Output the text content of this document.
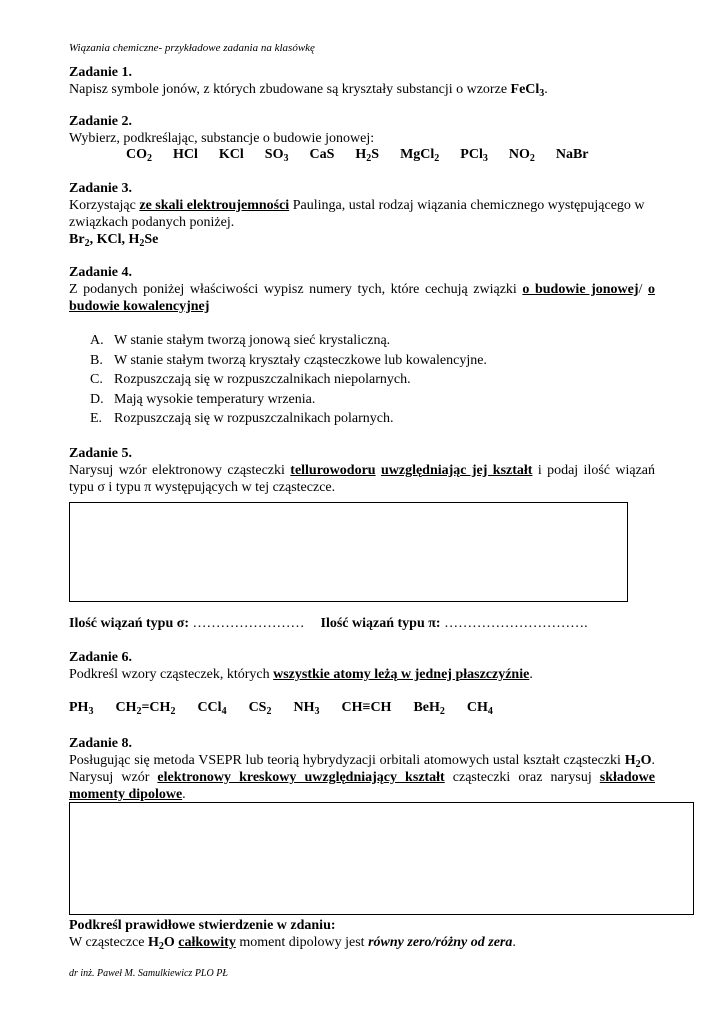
Wiązania chemiczne- przykładowe zadania na klasówkę
Zadanie 1.
Napisz symbole jonów, z których zbudowane są kryształy substancji o wzorze FeCl$_3$.
Zadanie 2.
Wybierz, podkreślając, substancje o budowie jonowej:
$CO_2$ HCl KCl $SO_3$ CaS $H_2S$ MgCl$_2$ PCl$_3$ $NO_2$ NaBr
Zadanie 3.
Korzystając ze skali elektroujemności Paulinga, ustal rodzaj wiązania chemicznego występującego w związkach podanych poniżej.
$Br_2$, KCl, $H_2Se$
Zadanie 4.
Z podanych poniżej właściwości wypisz numery tych, które cechują związki o budowie jonowej/ o budowie kowalencyjnej
A. W stanie stałym tworzą jonową sieć krystaliczną.
B. W stanie stałym tworzą kryształy cząsteczkowe lub kowalencyjne.
C. Rozpuszczają się w rozpuszczalnikach niepolarnych.
D. Mają wysokie temperatury wrzenia.
E. Rozpuszczają się w rozpuszczalnikach polarnych.
Zadanie 5.
Narysuj wzór elektronowy cząsteczki tellurowodoru uwzględniając jej kształt i podaj ilość wiązań typu σ i typu π występujących w tej cząsteczce.
Ilość wiązań typu σ: …………………… Ilość wiązań typu π: ………………………….
Zadanie 6.
Podkreśl wzory cząsteczek, których wszystkie atomy leżą w jednej płaszczyźnie.
$PH_3$ $CH_2=CH_2$ CCl$_4$ $CS_2$ $NH_3$ CH≡CH BeH$_2$ $CH_4$
Zadanie 8.
Posługując się metoda VSEPR lub teorią hybrydyzacji orbitali atomowych ustal kształt cząsteczki $H_2O$. Narysuj wzór elektronowy kreskowy uwzględniający kształt cząsteczki oraz narysuj składowe momenty dipolowe.
Podkreśl prawidłowe stwierdzenie w zdaniu:
W cząsteczce $H_2O$ całkowity moment dipolowy jest równy zero/różny od zera.
dr inż. Paweł M. Samulkiewicz PLO PŁ
